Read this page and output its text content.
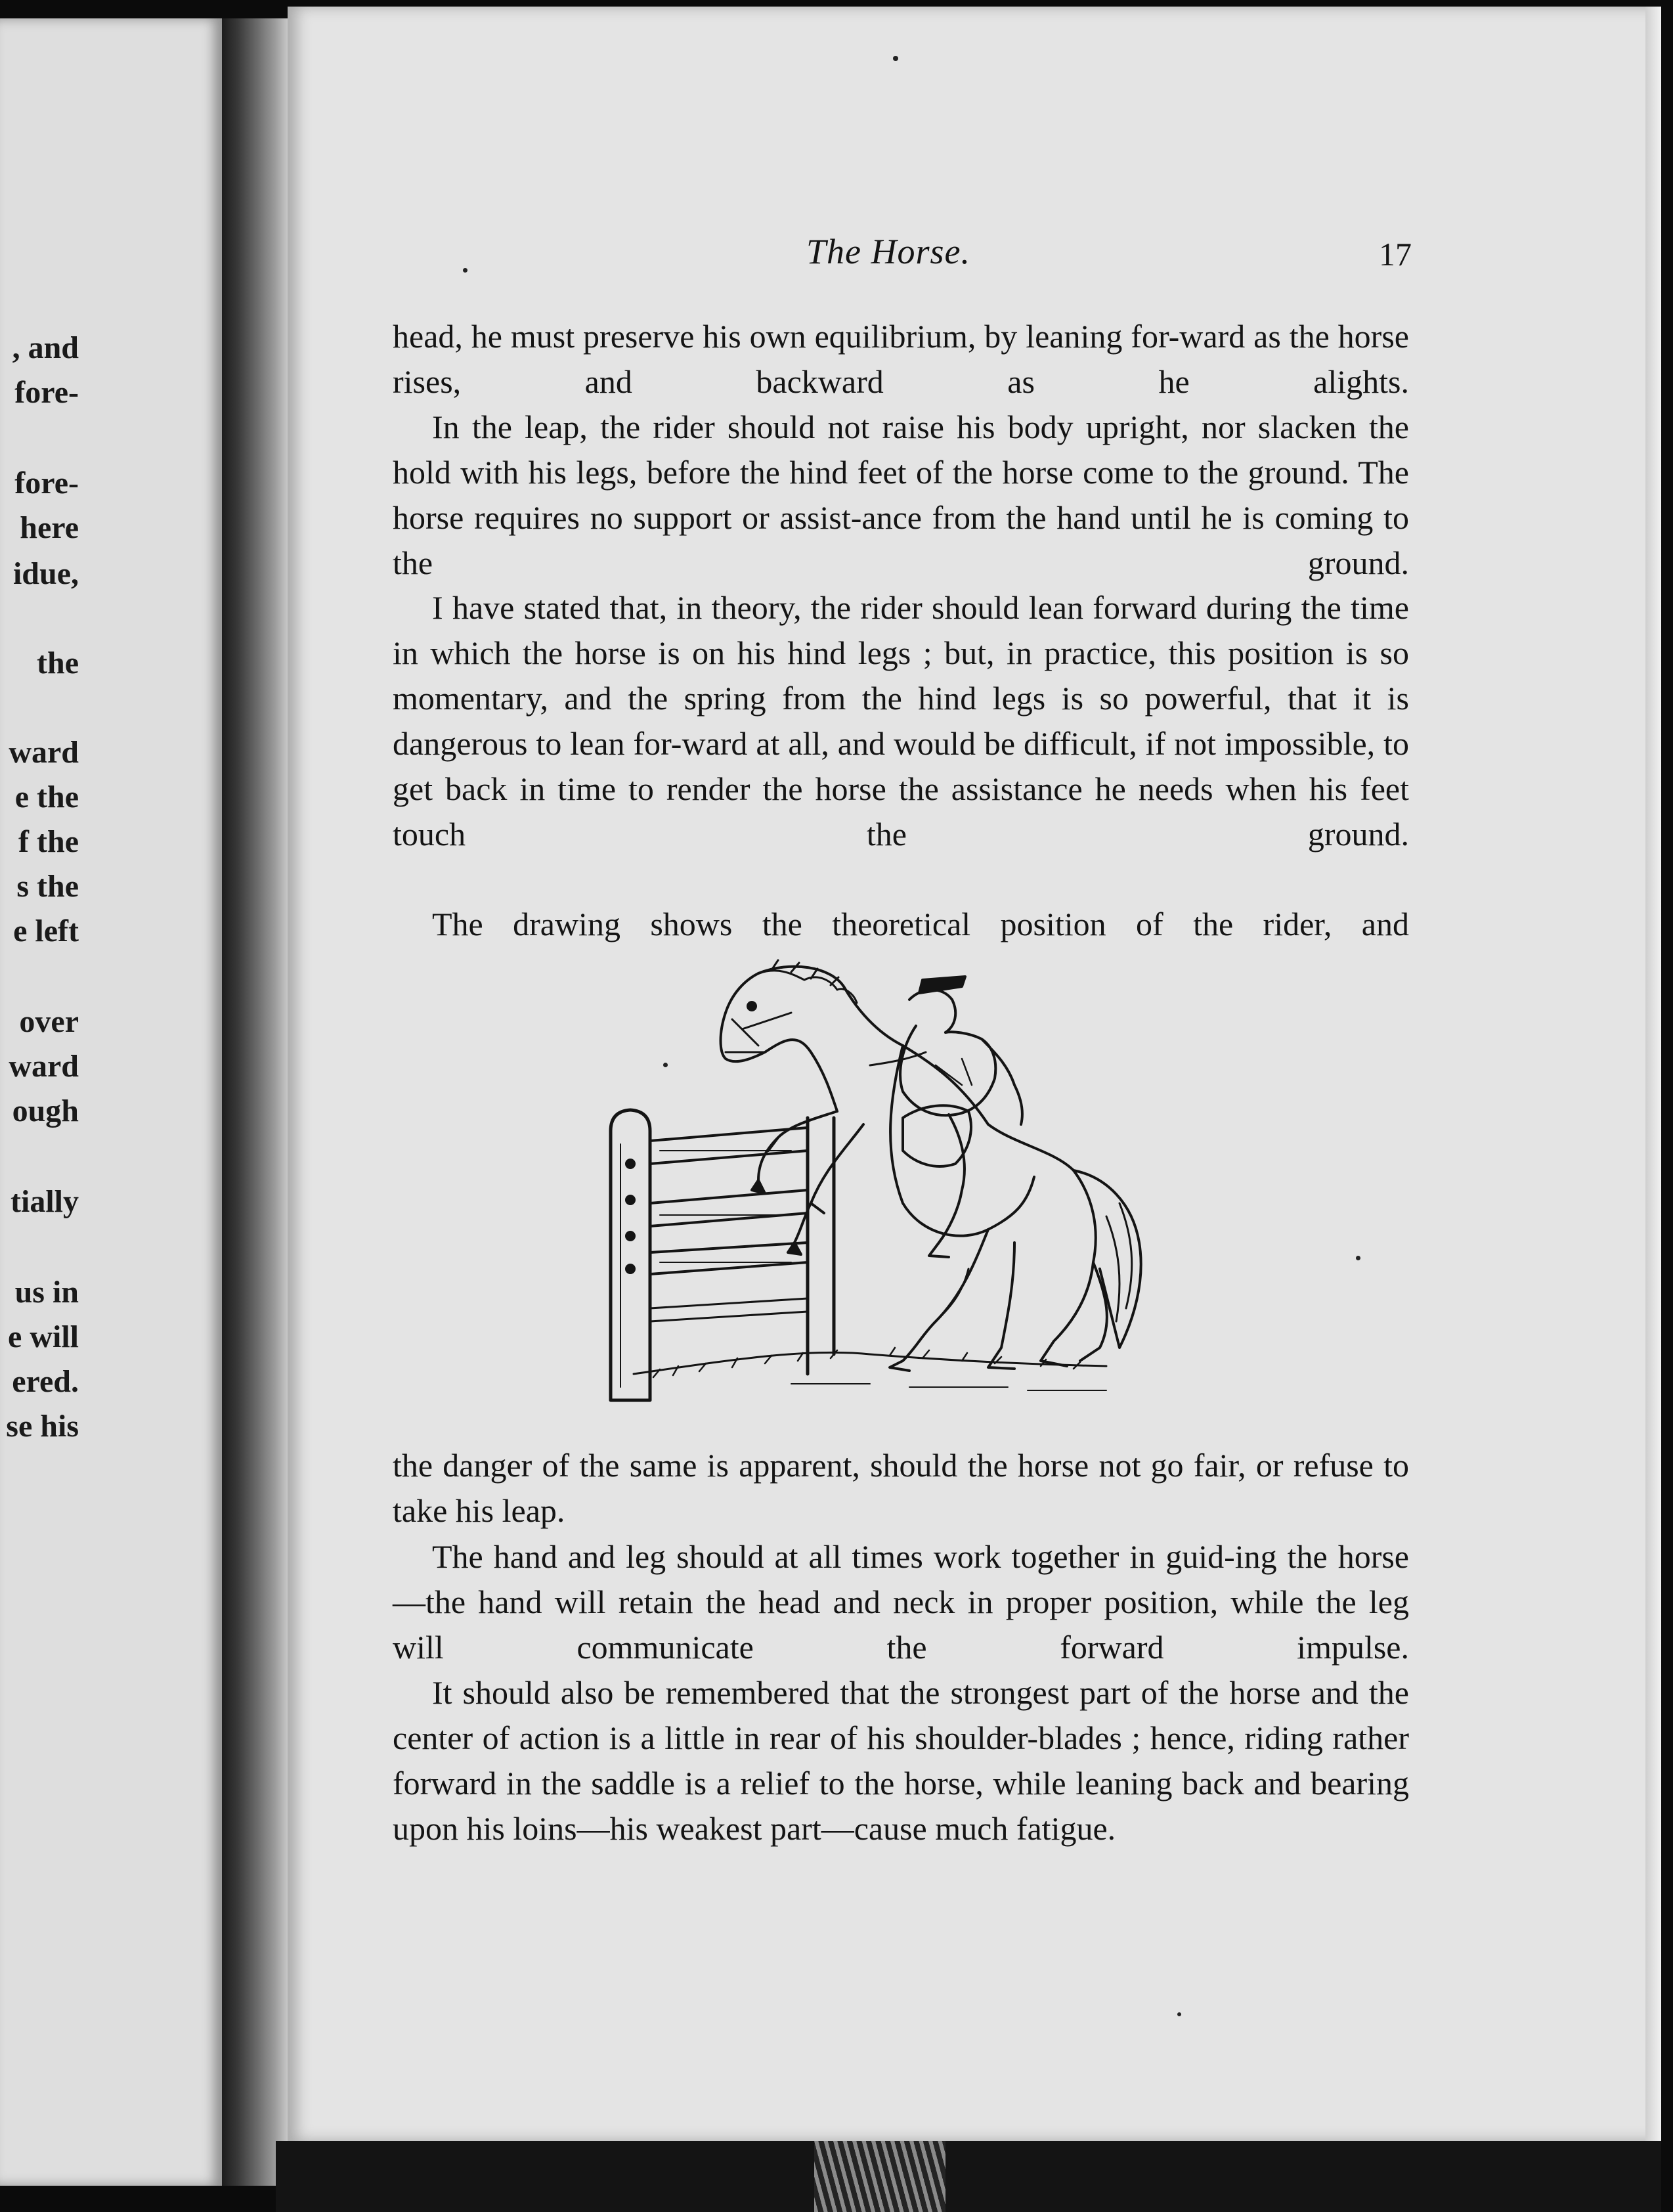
, and
fore-
fore-
here
idue,
the
ward
e the
f the
s the
e left
over
ward
ough
tially
us in
e will
ered.
se his
The Horse.	17

head, he must preserve his own equilibrium, by leaning for-ward as the horse rises, and backward as he alights.

In the leap, the rider should not raise his body upright, nor slacken the hold with his legs, before the hind feet of the horse come to the ground. The horse requires no support or assist-ance from the hand until he is coming to the ground.

I have stated that, in theory, the rider should lean forward during the time in which the horse is on his hind legs ; but, in practice, this position is so momentary, and the spring from the hind legs is so powerful, that it is dangerous to lean for-ward at all, and would be difficult, if not impossible, to get back in time to render the horse the assistance he needs when his feet touch the ground.

The drawing shows the theoretical position of the rider, and

the danger of the same is apparent, should the horse not go fair, or refuse to take his leap.

The hand and leg should at all times work together in guid-ing the horse—the hand will retain the head and neck in proper position, while the leg will communicate the forward impulse.

It should also be remembered that the strongest part of the horse and the center of action is a little in rear of his shoulder-blades ; hence, riding rather forward in the saddle is a relief to the horse, while leaning back and bearing upon his loins—his weakest part—cause much fatigue.
